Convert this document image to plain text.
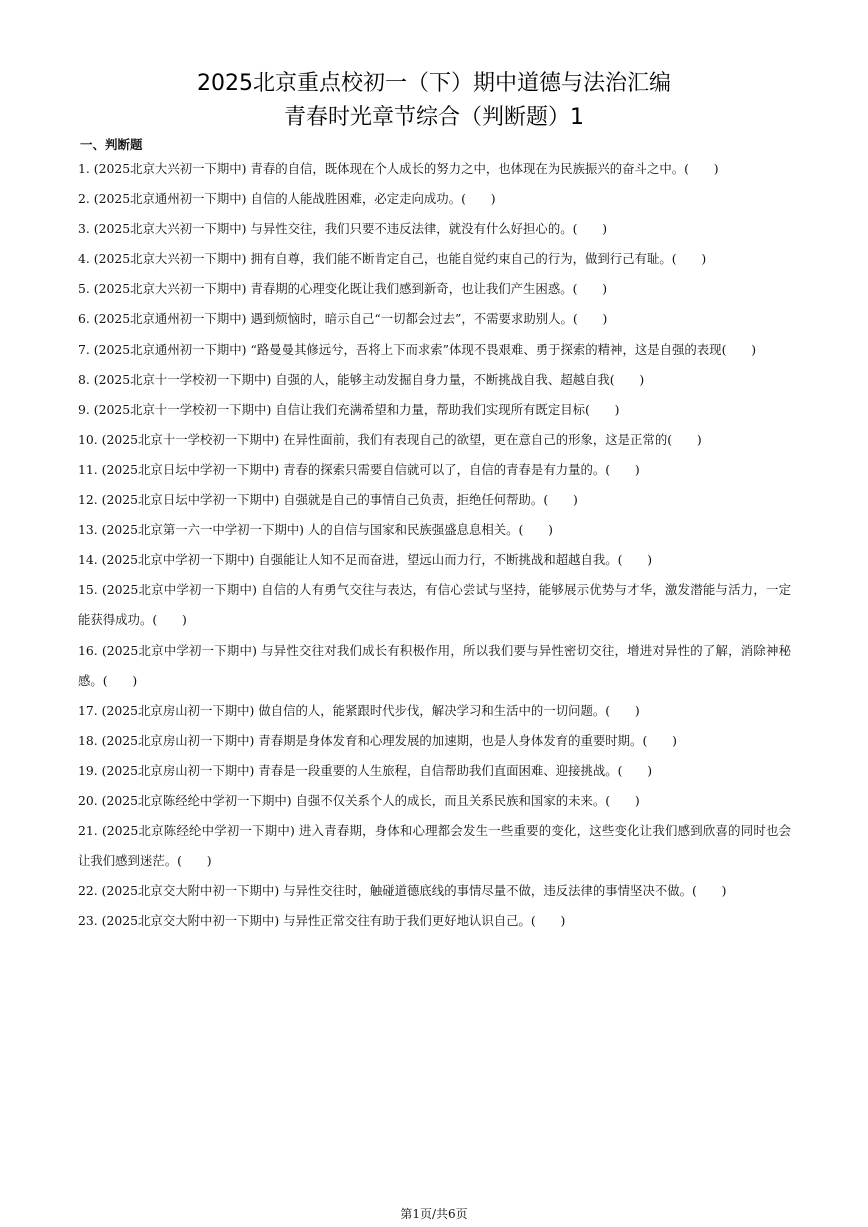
2025北京重点校初一（下）期中道德与法治汇编
青春时光章节综合（判断题）1
一、判断题

1. (2025北京大兴初一下期中) 青春的自信，既体现在个人成长的努力之中，也体现在为民族振兴的奋斗之中。(　　)

2. (2025北京通州初一下期中) 自信的人能战胜困难，必定走向成功。(　　)

3. (2025北京大兴初一下期中) 与异性交往，我们只要不违反法律，就没有什么好担心的。(　　)

4. (2025北京大兴初一下期中) 拥有自尊，我们能不断肯定自己，也能自觉约束自己的行为，做到行己有耻。(　　)

5. (2025北京大兴初一下期中) 青春期的心理变化既让我们感到新奇，也让我们产生困惑。(　　)

6. (2025北京通州初一下期中) 遇到烦恼时，暗示自己“一切都会过去”，不需要求助别人。(　　)

7. (2025北京通州初一下期中) “路曼曼其修远兮，吾将上下而求索”体现不畏艰难、勇于探索的精神，这是自强的表现(　　)

8. (2025北京十一学校初一下期中) 自强的人，能够主动发掘自身力量，不断挑战自我、超越自我(　　)

9. (2025北京十一学校初一下期中) 自信让我们充满希望和力量，帮助我们实现所有既定目标(　　)

10. (2025北京十一学校初一下期中) 在异性面前，我们有表现自己的欲望，更在意自己的形象，这是正常的(　　)

11. (2025北京日坛中学初一下期中) 青春的探索只需要自信就可以了，自信的青春是有力量的。(　　)

12. (2025北京日坛中学初一下期中) 自强就是自己的事情自己负责，拒绝任何帮助。(　　)

13. (2025北京第一六一中学初一下期中) 人的自信与国家和民族强盛息息相关。(　　)

14. (2025北京中学初一下期中) 自强能让人知不足而奋进，望远山而力行，不断挑战和超越自我。(　　)

15. (2025北京中学初一下期中) 自信的人有勇气交往与表达，有信心尝试与坚持，能够展示优势与才华，激发潜能与活力，一定能获得成功。(　　)

16. (2025北京中学初一下期中) 与异性交往对我们成长有积极作用，所以我们要与异性密切交往，增进对异性的了解，消除神秘感。(　　)

17. (2025北京房山初一下期中) 做自信的人，能紧跟时代步伐，解决学习和生活中的一切问题。(　　)

18. (2025北京房山初一下期中) 青春期是身体发育和心理发展的加速期，也是人身体发育的重要时期。(　　)

19. (2025北京房山初一下期中) 青春是一段重要的人生旅程，自信帮助我们直面困难、迎接挑战。(　　)

20. (2025北京陈经纶中学初一下期中) 自强不仅关系个人的成长，而且关系民族和国家的未来。(　　)

21. (2025北京陈经纶中学初一下期中) 进入青春期，身体和心理都会发生一些重要的变化，这些变化让我们感到欣喜的同时也会让我们感到迷茫。(　　)

22. (2025北京交大附中初一下期中) 与异性交往时，触碰道德底线的事情尽量不做，违反法律的事情坚决不做。(　　)

23. (2025北京交大附中初一下期中) 与异性正常交往有助于我们更好地认识自己。(　　)

第1页/共6页
